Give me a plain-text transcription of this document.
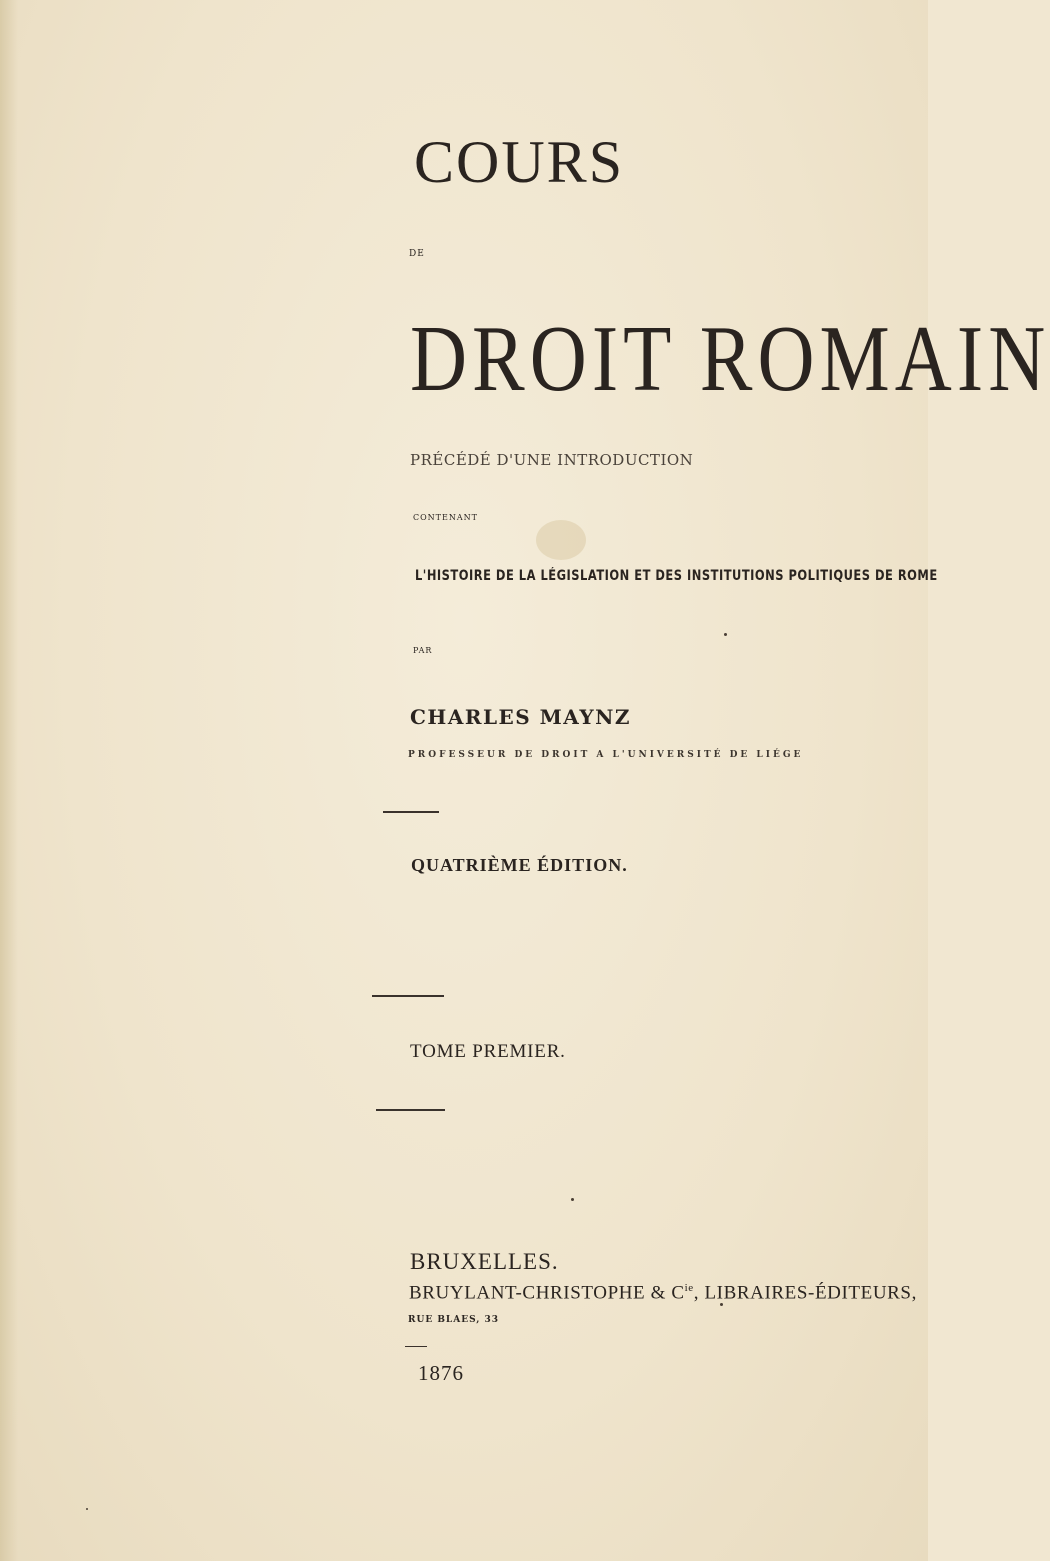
COURS
DE
DROIT ROMAIN
PRÉCÉDÉ D'UNE INTRODUCTION
CONTENANT
L'HISTOIRE DE LA LÉGISLATION ET DES INSTITUTIONS POLITIQUES DE ROME
PAR
CHARLES MAYNZ
PROFESSEUR DE DROIT A L'UNIVERSITÉ DE LIÉGE
QUATRIÈME ÉDITION.
TOME PREMIER.
BRUXELLES.
BRUYLANT-CHRISTOPHE & $C^{ie}$, LIBRAIRES-ÉDITEURS,
RUE BLAES, 33
1876
